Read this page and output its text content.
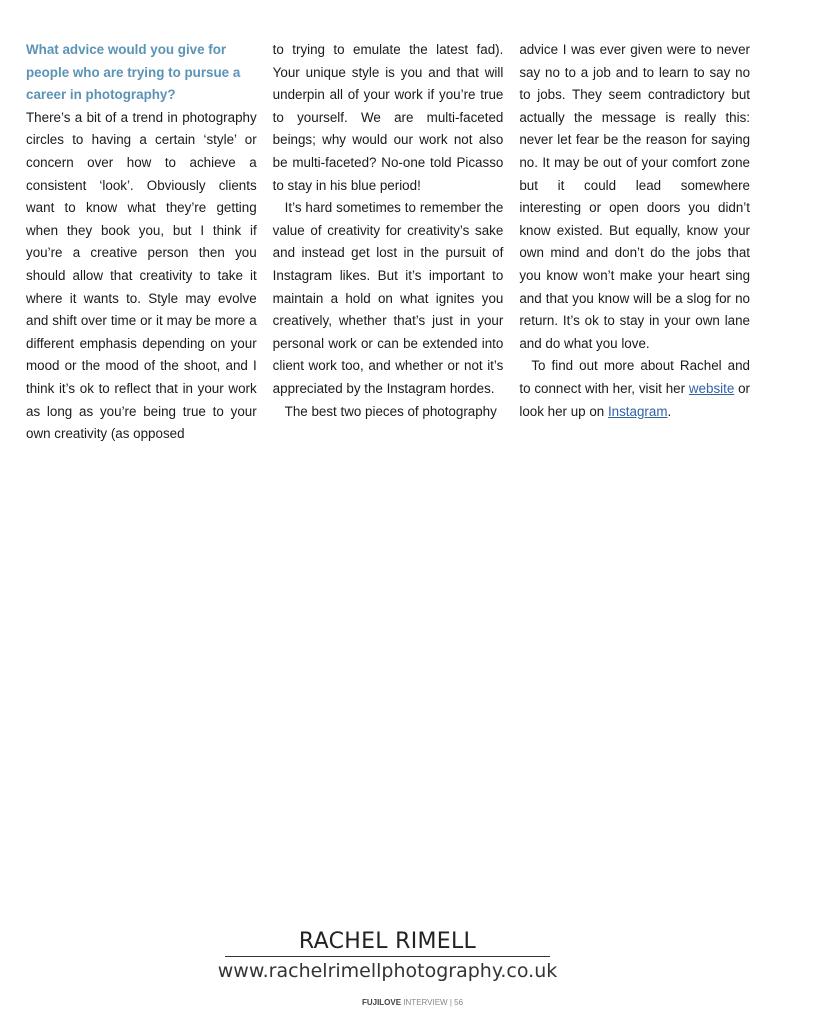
What advice would you give for people who are trying to pursue a career in photography?

There’s a bit of a trend in photography circles to having a certain ‘style’ or concern over how to achieve a consistent ‘look’. Obviously clients want to know what they’re getting when they book you, but I think if you’re a creative person then you should allow that creativity to take it where it wants to. Style may evolve and shift over time or it may be more a different emphasis depending on your mood or the mood of the shoot, and I think it’s ok to reflect that in your work as long as you’re being true to your own creativity (as opposed

to trying to emulate the latest fad). Your unique style is you and that will underpin all of your work if you’re true to yourself. We are multi-faceted beings; why would our work not also be multi-faceted? No-one told Picasso to stay in his blue period!

It’s hard sometimes to remember the value of creativity for creativity’s sake and instead get lost in the pursuit of Instagram likes. But it’s important to maintain a hold on what ignites you creatively, whether that’s just in your personal work or can be extended into client work too, and whether or not it’s appreciated by the Instagram hordes.

The best two pieces of photography

advice I was ever given were to never say no to a job and to learn to say no to jobs. They seem contradictory but actually the message is really this: never let fear be the reason for saying no. It may be out of your comfort zone but it could lead somewhere interesting or open doors you didn’t know existed. But equally, know your own mind and don’t do the jobs that you know won’t make your heart sing and that you know will be a slog for no return. It’s ok to stay in your own lane and do what you love.

To find out more about Rachel and to connect with her, visit her website or look her up on Instagram.

RACHEL RIMELL
www.rachelrimellphotography.co.uk
FUJILOVE INTERVIEW | 56
